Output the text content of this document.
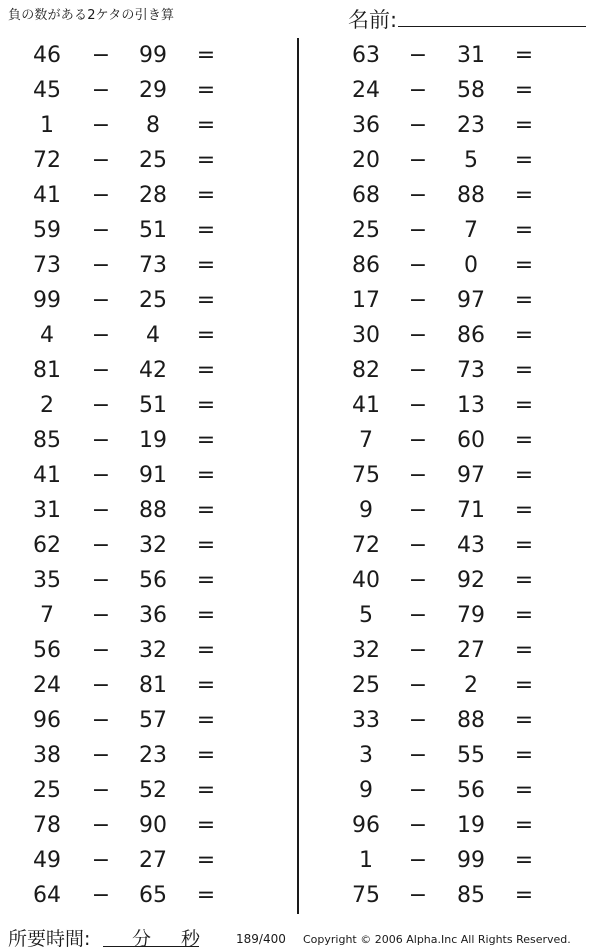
負の数がある2ケタの引き算	名前:
46	−	99	=
45	−	29	=
1	−	8	=
72	−	25	=
41	−	28	=
59	−	51	=
73	−	73	=
99	−	25	=
4	−	4	=
81	−	42	=
2	−	51	=
85	−	19	=
41	−	91	=
31	−	88	=
62	−	32	=
35	−	56	=
7	−	36	=
56	−	32	=
24	−	81	=
96	−	57	=
38	−	23	=
25	−	52	=
78	−	90	=
49	−	27	=
64	−	65	=
63	−	31	=
24	−	58	=
36	−	23	=
20	−	5	=
68	−	88	=
25	−	7	=
86	−	0	=
17	−	97	=
30	−	86	=
82	−	73	=
41	−	13	=
7	−	60	=
75	−	97	=
9	−	71	=
72	−	43	=
40	−	92	=
5	−	79	=
32	−	27	=
25	−	2	=
33	−	88	=
3	−	55	=
9	−	56	=
96	−	19	=
1	−	99	=
75	−	85	=
所要時間: 分 秒	189/400 Copyright © 2006 Alpha.Inc All Rights Reserved.
